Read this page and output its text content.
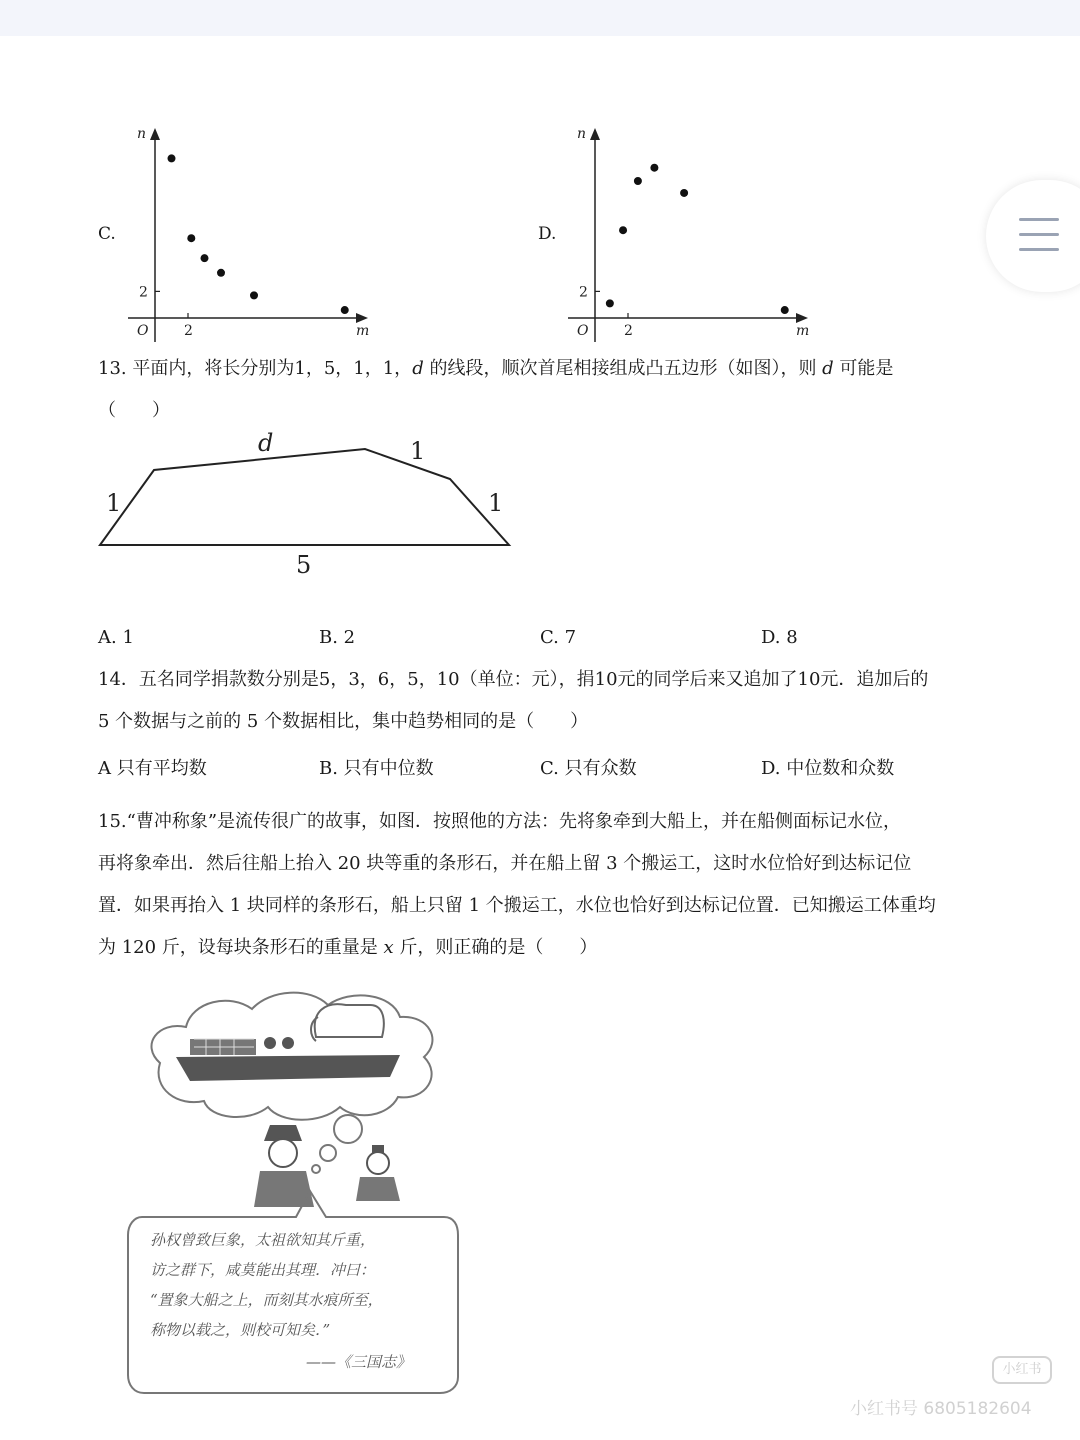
C.
2
2
O	m
n
D.
2
2
O	m
n
13. 平面内，将长分别为1，5，1，1，d 的线段，顺次首尾相接组成凸五边形（如图），则 d 可能是
（　　）
d	1
1	1
5
A. 1	B. 2	C. 7	D. 8
14．五名同学捐款数分别是5，3，6，5，10（单位：元），捐10元的同学后来又追加了10元．追加后的
5 个数据与之前的 5 个数据相比，集中趋势相同的是（　　）
A 只有平均数	B. 只有中位数	C. 只有众数	D. 中位数和众数
15.“曹冲称象”是流传很广的故事，如图．按照他的方法：先将象牵到大船上，并在船侧面标记水位，
再将象牵出．然后往船上抬入 20 块等重的条形石，并在船上留 3 个搬运工，这时水位恰好到达标记位
置．如果再抬入 1 块同样的条形石，船上只留 1 个搬运工，水位也恰好到达标记位置．已知搬运工体重均
为 120 斤，设每块条形石的重量是 x 斤，则正确的是（　　）
孙权曾致巨象，太祖欲知其斤重，
访之群下，咸莫能出其理．冲曰：
“置象大船之上，而刻其水痕所至，
称物以载之，则校可知矣．”
——《三国志》	小红书
小红书号 6805182604
